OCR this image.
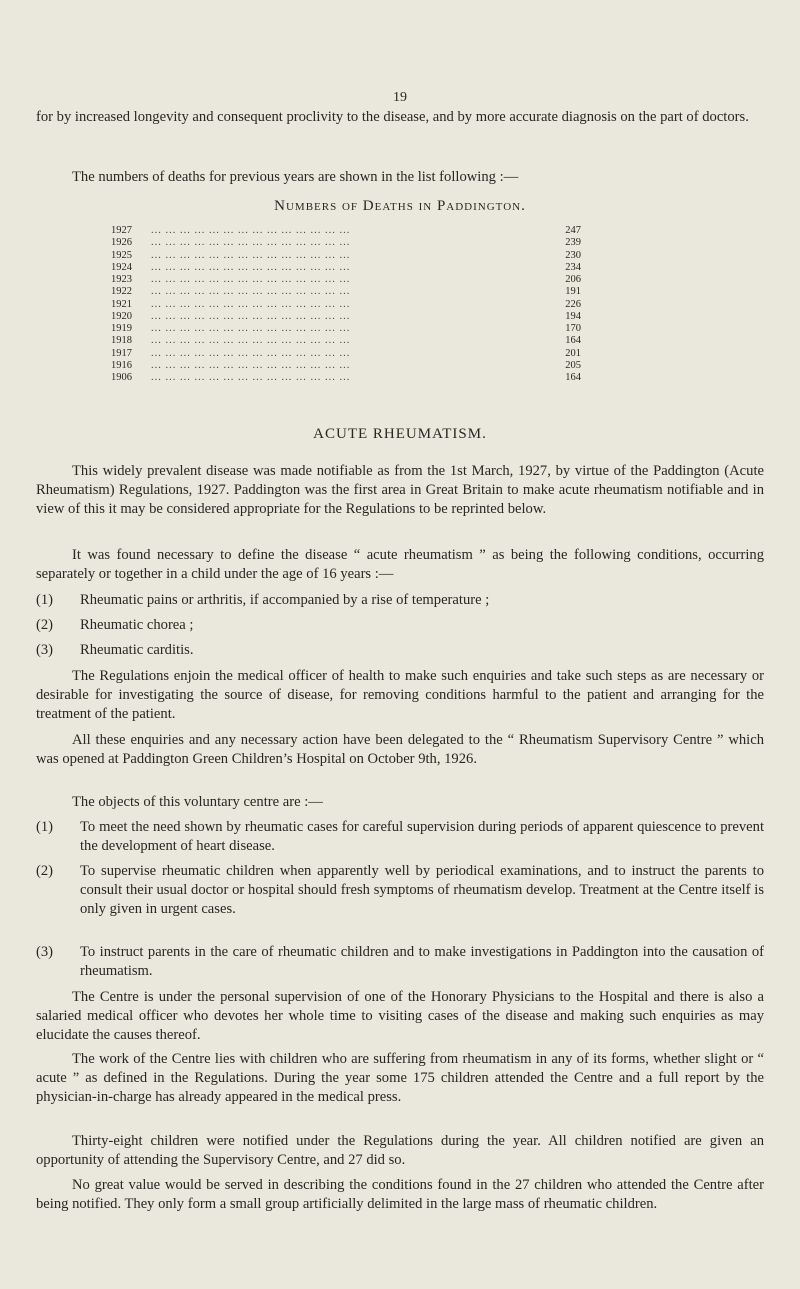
19

for by increased longevity and consequent proclivity to the disease, and by more accurate diagnosis on the part of doctors.

The numbers of deaths for previous years are shown in the list following :—

Numbers of Deaths in Paddington.
1927	... ... ... ... ... ... ... ... ... ... ... ... ... ...	247
1926	... ... ... ... ... ... ... ... ... ... ... ... ... ...	239
1925	... ... ... ... ... ... ... ... ... ... ... ... ... ...	230
1924	... ... ... ... ... ... ... ... ... ... ... ... ... ...	234
1923	... ... ... ... ... ... ... ... ... ... ... ... ... ...	206
1922	... ... ... ... ... ... ... ... ... ... ... ... ... ...	191
1921	... ... ... ... ... ... ... ... ... ... ... ... ... ...	226
1920	... ... ... ... ... ... ... ... ... ... ... ... ... ...	194
1919	... ... ... ... ... ... ... ... ... ... ... ... ... ...	170
1918	... ... ... ... ... ... ... ... ... ... ... ... ... ...	164
1917	... ... ... ... ... ... ... ... ... ... ... ... ... ...	201
1916	... ... ... ... ... ... ... ... ... ... ... ... ... ...	205
1906	... ... ... ... ... ... ... ... ... ... ... ... ... ...	164
ACUTE RHEUMATISM.

This widely prevalent disease was made notifiable as from the 1st March, 1927, by virtue of the Paddington (Acute Rheumatism) Regulations, 1927. Paddington was the first area in Great Britain to make acute rheumatism notifiable and in view of this it may be considered appropriate for the Regulations to be reprinted below.

It was found necessary to define the disease “ acute rheumatism ” as being the following conditions, occurring separately or together in a child under the age of 16 years :—

(1) Rheumatic pains or arthritis, if accompanied by a rise of temperature ;
(2) Rheumatic chorea ;
(3) Rheumatic carditis.

The Regulations enjoin the medical officer of health to make such enquiries and take such steps as are necessary or desirable for investigating the source of disease, for removing conditions harmful to the patient and arranging for the treatment of the patient.

All these enquiries and any necessary action have been delegated to the “ Rheumatism Supervisory Centre ” which was opened at Paddington Green Children’s Hospital on October 9th, 1926.

The objects of this voluntary centre are :—

(1) To meet the need shown by rheumatic cases for careful supervision during periods of apparent quiescence to prevent the development of heart disease.
(2) To supervise rheumatic children when apparently well by periodical examinations, and to instruct the parents to consult their usual doctor or hospital should fresh symptoms of rheumatism develop. Treatment at the Centre itself is only given in urgent cases.
(3) To instruct parents in the care of rheumatic children and to make investigations in Paddington into the causation of rheumatism.

The Centre is under the personal supervision of one of the Honorary Physicians to the Hospital and there is also a salaried medical officer who devotes her whole time to visiting cases of the disease and making such enquiries as may elucidate the causes thereof.

The work of the Centre lies with children who are suffering from rheumatism in any of its forms, whether slight or “ acute ” as defined in the Regulations. During the year some 175 children attended the Centre and a full report by the physician-in-charge has already appeared in the medical press.

Thirty-eight children were notified under the Regulations during the year. All children notified are given an opportunity of attending the Supervisory Centre, and 27 did so.

No great value would be served in describing the conditions found in the 27 children who attended the Centre after being notified. They only form a small group artificially delimited in the large mass of rheumatic children.
